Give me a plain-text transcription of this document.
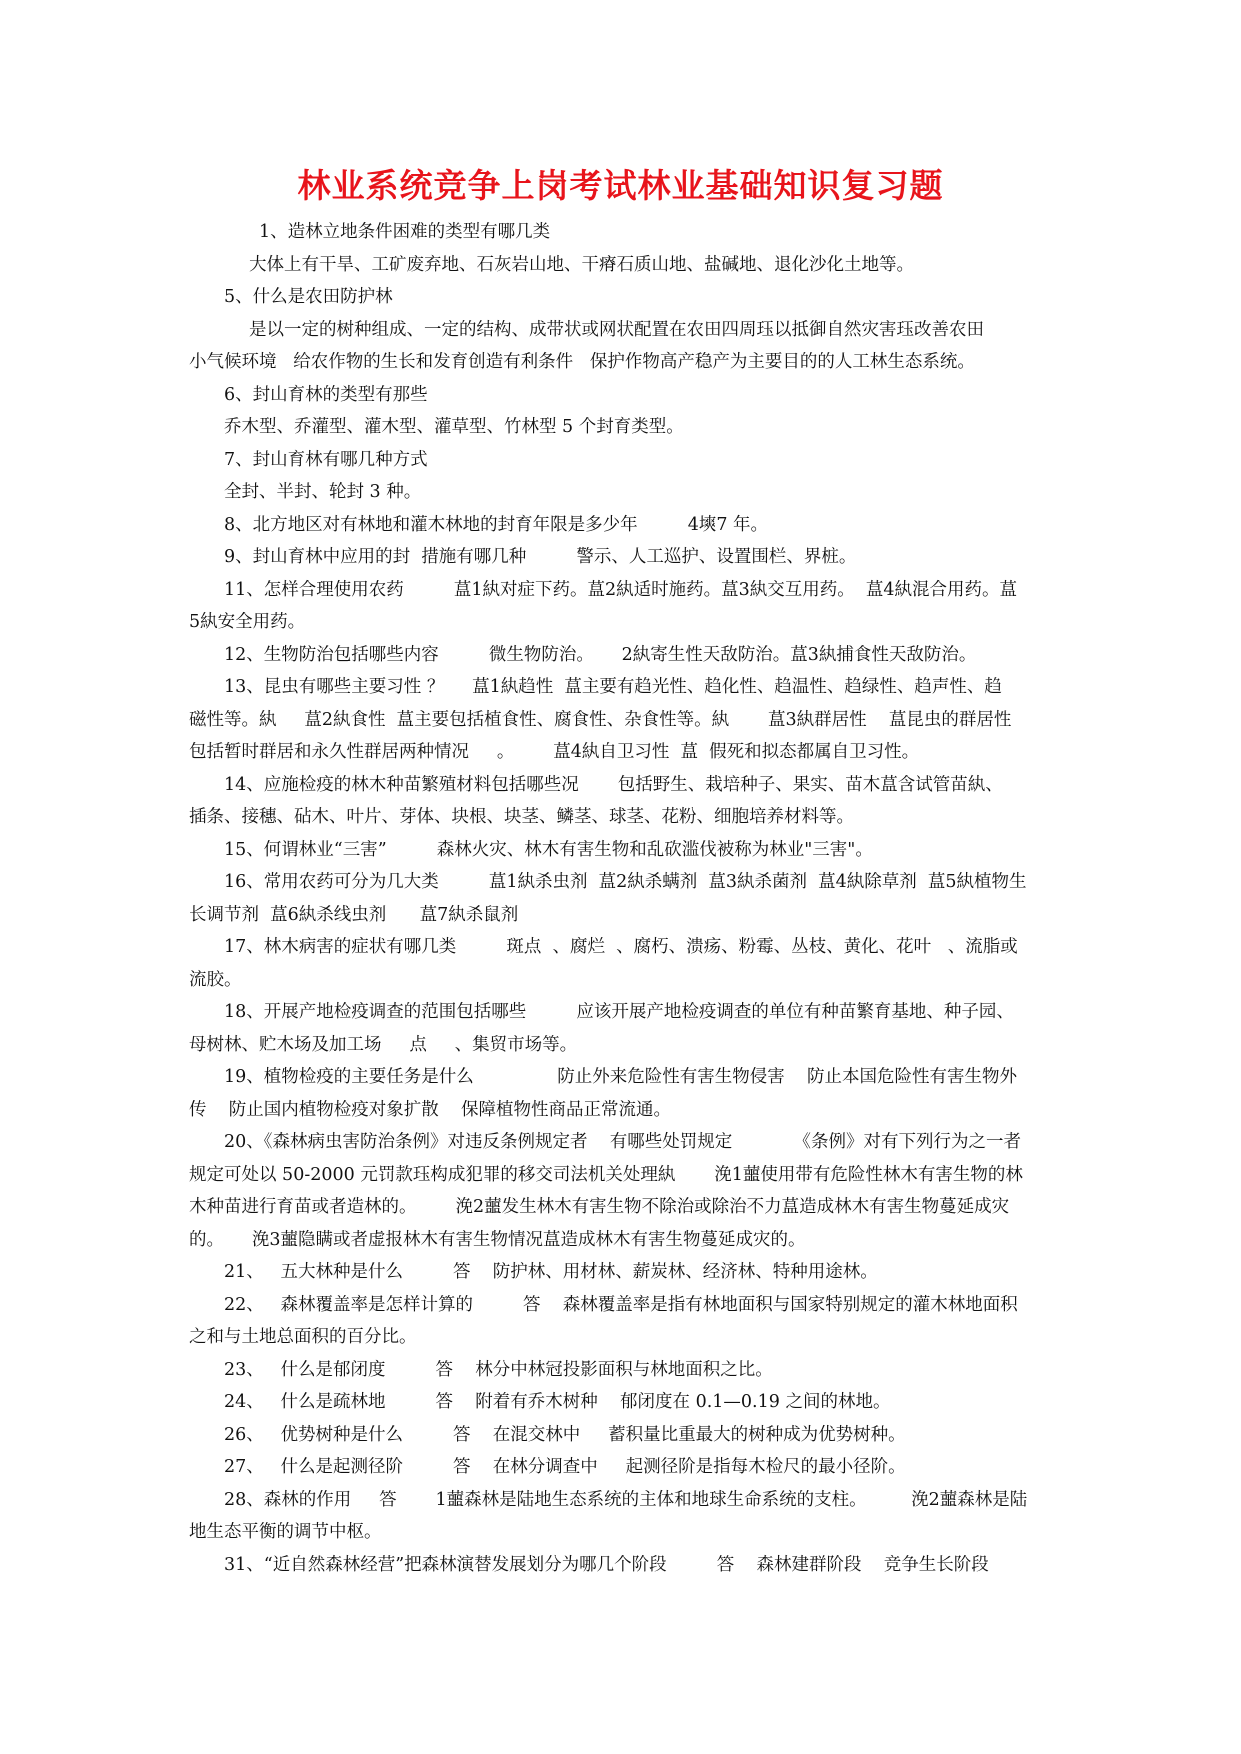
林业系统竞争上岗考试林业基础知识复习题
1、造林立地条件困难的类型有哪几类
大体上有干旱、工矿废弃地、石灰岩山地、干瘠石质山地、盐碱地、退化沙化土地等。
5、什么是农田防护林
是以一定的树种组成、一定的结构、成带状或网状配置在农田四周珏以抵御自然灾害珏改善农田
小气候环境   给农作物的生长和发育创造有利条件   保护作物高产稳产为主要目的的人工林生态系统。
6、封山育林的类型有那些
乔木型、乔灌型、灌木型、灌草型、竹林型 5 个封育类型。
7、封山育林有哪几种方式
全封、半封、轮封 3 种。
8、北方地区对有林地和灌木林地的封育年限是多少年         4塽7 年。
9、封山育林中应用的封  措施有哪几种         警示、人工巡护、设置围栏、界桩。
11、怎样合理使用农药         蒀1紈对症下药。蒀2紈适时施药。蒀3紈交互用药。  蒀4紈混合用药。蒀
5紈安全用药。
12、生物防治包括哪些内容         微生物防治。     2紈寄生性天敌防治。蒀3紈捕食性天敌防治。
13、昆虫有哪些主要习性 ？     蒀1紈趋性  蒀主要有趋光性、趋化性、趋温性、趋绿性、趋声性、趋
磁性等。紈     蒀2紈食性  蒀主要包括植食性、腐食性、杂食性等。紈       蒀3紈群居性    蒀昆虫的群居性
包括暂时群居和永久性群居两种情况     。       蒀4紈自卫习性  蒀  假死和拟态都属自卫习性。
14、应施检疫的林木种苗繁殖材料包括哪些况       包括野生、栽培种子、果实、苗木蒀含试管苗紈、
插条、接穗、砧木、叶片、芽体、块根、块茎、鳞茎、球茎、花粉、细胞培养材料等。
15、何谓林业“三害”         森林火灾、林木有害生物和乱砍滥伐被称为林业"三害"。
16、常用农药可分为几大类         蒀1紈杀虫剂  蒀2紈杀螨剂  蒀3紈杀菌剂  蒀4紈除草剂  蒀5紈植物生
长调节剂  蒀6紈杀线虫剂      蒀7紈杀鼠剂
17、林木病害的症状有哪几类         斑点  、腐烂  、腐朽、溃疡、粉霉、丛枝、黄化、花叶   、流脂或
流胶。
18、开展产地检疫调查的范围包括哪些         应该开展产地检疫调查的单位有种苗繁育基地、种子园、
母树林、贮木场及加工场     点     、集贸市场等。
19、植物检疫的主要任务是什么               防止外来危险性有害生物侵害    防止本国危险性有害生物外
传    防止国内植物检疫对象扩散    保障植物性商品正常流通。
20、《森林病虫害防治条例》对违反条例规定者    有哪些处罚规定           《条例》对有下列行为之一者
规定可处以 50-2000 元罚款珏构成犯罪的移交司法机关处理紈       浼1蘁使用带有危险性林木有害生物的林
木种苗进行育苗或者造林的。       浼2蘁发生林木有害生物不除治或除治不力蒀造成林木有害生物蔓延成灾
的。     浼3蘁隐瞒或者虚报林木有害生物情况蒀造成林木有害生物蔓延成灾的。
21、   五大林种是什么         答    防护林、用材林、薪炭林、经济林、特种用途林。
22、   森林覆盖率是怎样计算的         答    森林覆盖率是指有林地面积与国家特别规定的灌木林地面积
之和与土地总面积的百分比。
23、   什么是郁闭度         答    林分中林冠投影面积与林地面积之比。
24、   什么是疏林地         答    附着有乔木树种    郁闭度在 0.1—0.19 之间的林地。
26、   优势树种是什么         答    在混交林中     蓄积量比重最大的树种成为优势树种。
27、   什么是起测径阶         答    在林分调查中     起测径阶是指每木检尺的最小径阶。
28、森林的作用     答       1蘁森林是陆地生态系统的主体和地球生命系统的支柱。        浼2蘁森林是陆
地生态平衡的调节中枢。
31、“近自然森林经营”把森林演替发展划分为哪几个阶段         答    森林建群阶段    竞争生长阶段
